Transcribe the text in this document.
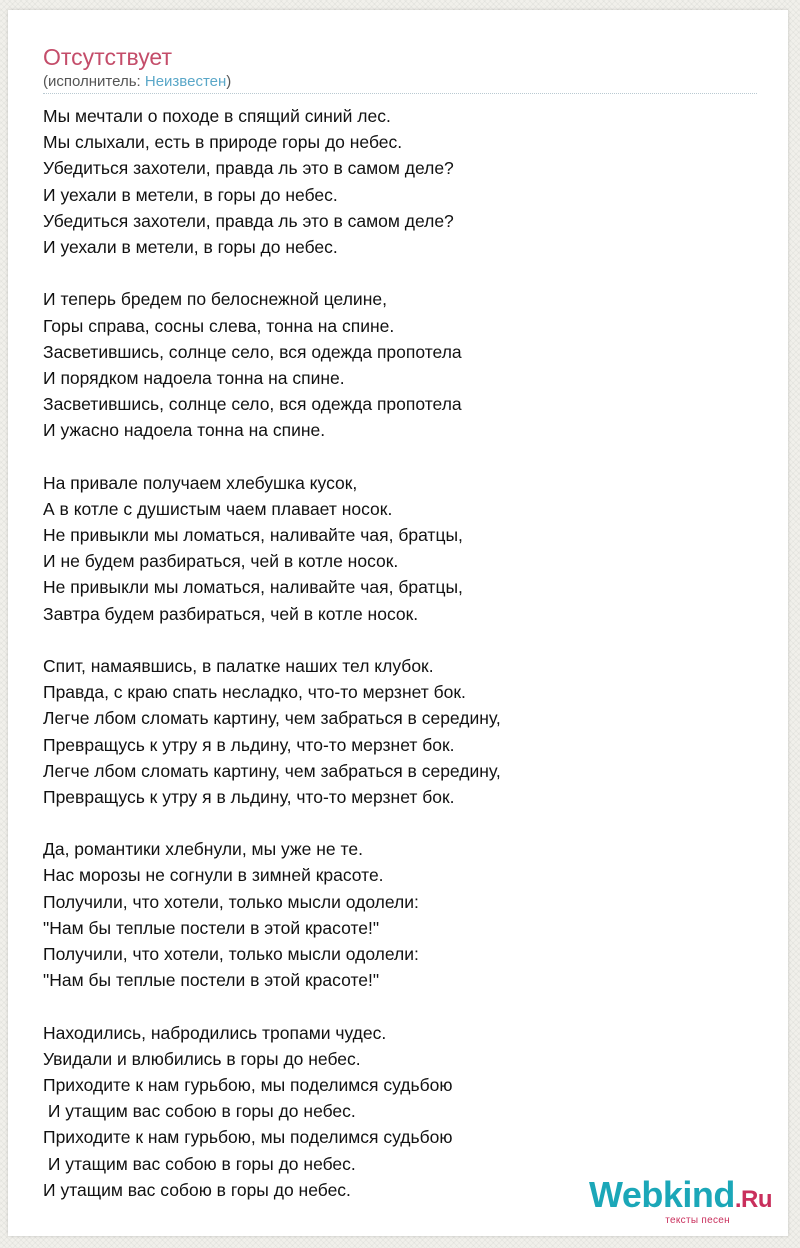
Отсутствует
(исполнитель: Неизвестен)
Мы мечтали о походе в спящий синий лес.
Мы слыхали, есть в природе горы до небес.
Убедиться захотели, правда ль это в самом деле?
И уехали в метели, в горы до небес.
Убедиться захотели, правда ль это в самом деле?
И уехали в метели, в горы до небес.
И теперь бредем по белоснежной целине,
Горы справа, сосны слева, тонна на спине.
Засветившись, солнце село, вся одежда пропотела
И порядком надоела тонна на спине.
Засветившись, солнце село, вся одежда пропотела
И ужасно надоела тонна на спине.
На привале получаем хлебушка кусок,
А в котле с душистым чаем плавает носок.
Не привыкли мы ломаться, наливайте чая, братцы,
И не будем разбираться, чей в котле носок.
Не привыкли мы ломаться, наливайте чая, братцы,
Завтра будем разбираться, чей в котле носок.
Спит, намаявшись, в палатке наших тел клубок.
Правда, с краю спать несладко, что-то мерзнет бок.
Легче лбом сломать картину, чем забраться в середину,
Превращусь к утру я в льдину, что-то мерзнет бок.
Легче лбом сломать картину, чем забраться в середину,
Превращусь к утру я в льдину, что-то мерзнет бок.
Да, романтики хлебнули, мы уже не те.
Нас морозы не согнули в зимней красоте.
Получили, что хотели, только мысли одолели:
"Нам бы теплые постели в этой красоте!"
Получили, что хотели, только мысли одолели:
"Нам бы теплые постели в этой красоте!"
Находились, набродились тропами чудес.
Увидали и влюбились в горы до небес.
Приходите к нам гурьбою, мы поделимся судьбою
И утащим вас собою в горы до небес.
Приходите к нам гурьбою, мы поделимся судьбою
И утащим вас собою в горы до небес.
И утащим вас собою в горы до небес.	Webkind.Ru
тексты песен
